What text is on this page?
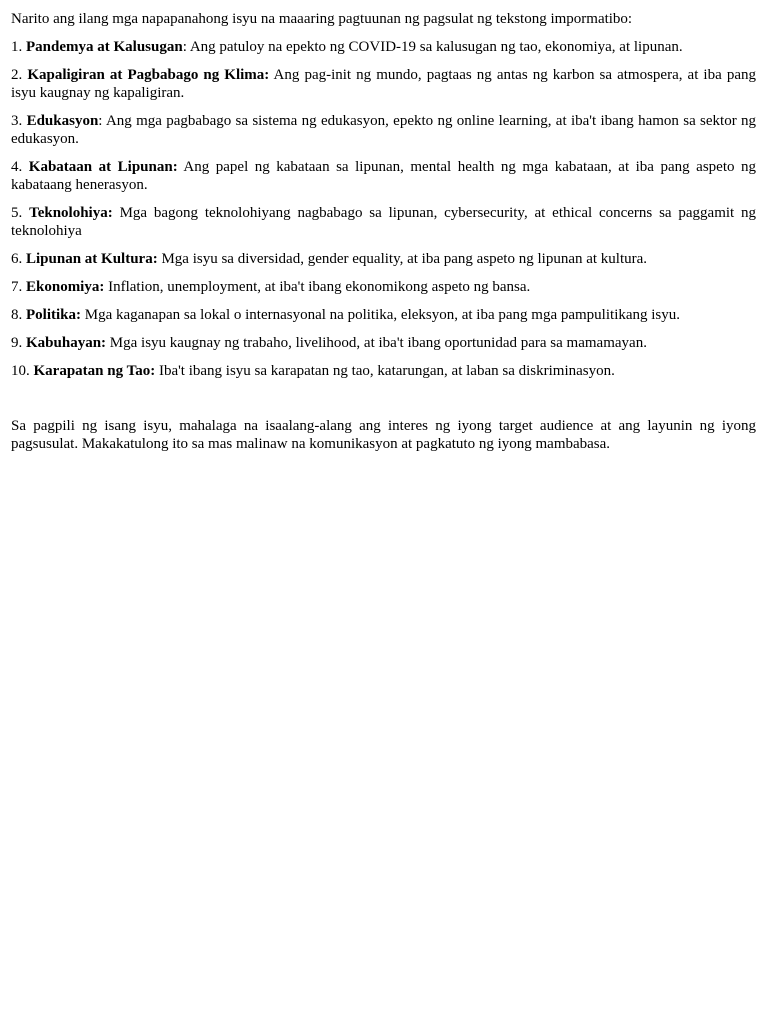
Narito ang ilang mga napapanahong isyu na maaaring pagtuunan ng pagsulat ng tekstong impormatibo:

1. Pandemya at Kalusugan: Ang patuloy na epekto ng COVID-19 sa kalusugan ng tao, ekonomiya, at lipunan.

2. Kapaligiran at Pagbabago ng Klima: Ang pag-init ng mundo, pagtaas ng antas ng karbon sa atmospera, at iba pang isyu kaugnay ng kapaligiran.

3. Edukasyon: Ang mga pagbabago sa sistema ng edukasyon, epekto ng online learning, at iba't ibang hamon sa sektor ng edukasyon.

4. Kabataan at Lipunan: Ang papel ng kabataan sa lipunan, mental health ng mga kabataan, at iba pang aspeto ng kabataang henerasyon.

5. Teknolohiya: Mga bagong teknolohiyang nagbabago sa lipunan, cybersecurity, at ethical concerns sa paggamit ng teknolohiya

6. Lipunan at Kultura: Mga isyu sa diversidad, gender equality, at iba pang aspeto ng lipunan at kultura.

7. Ekonomiya: Inflation, unemployment, at iba't ibang ekonomikong aspeto ng bansa.

8. Politika: Mga kaganapan sa lokal o internasyonal na politika, eleksyon, at iba pang mga pampulitikang isyu.

9. Kabuhayan: Mga isyu kaugnay ng trabaho, livelihood, at iba't ibang oportunidad para sa mamamayan.

10. Karapatan ng Tao: Iba't ibang isyu sa karapatan ng tao, katarungan, at laban sa diskriminasyon.

Sa pagpili ng isang isyu, mahalaga na isaalang-alang ang interes ng iyong target audience at ang layunin ng iyong pagsusulat. Makakatulong ito sa mas malinaw na komunikasyon at pagkatuto ng iyong mambabasa.
